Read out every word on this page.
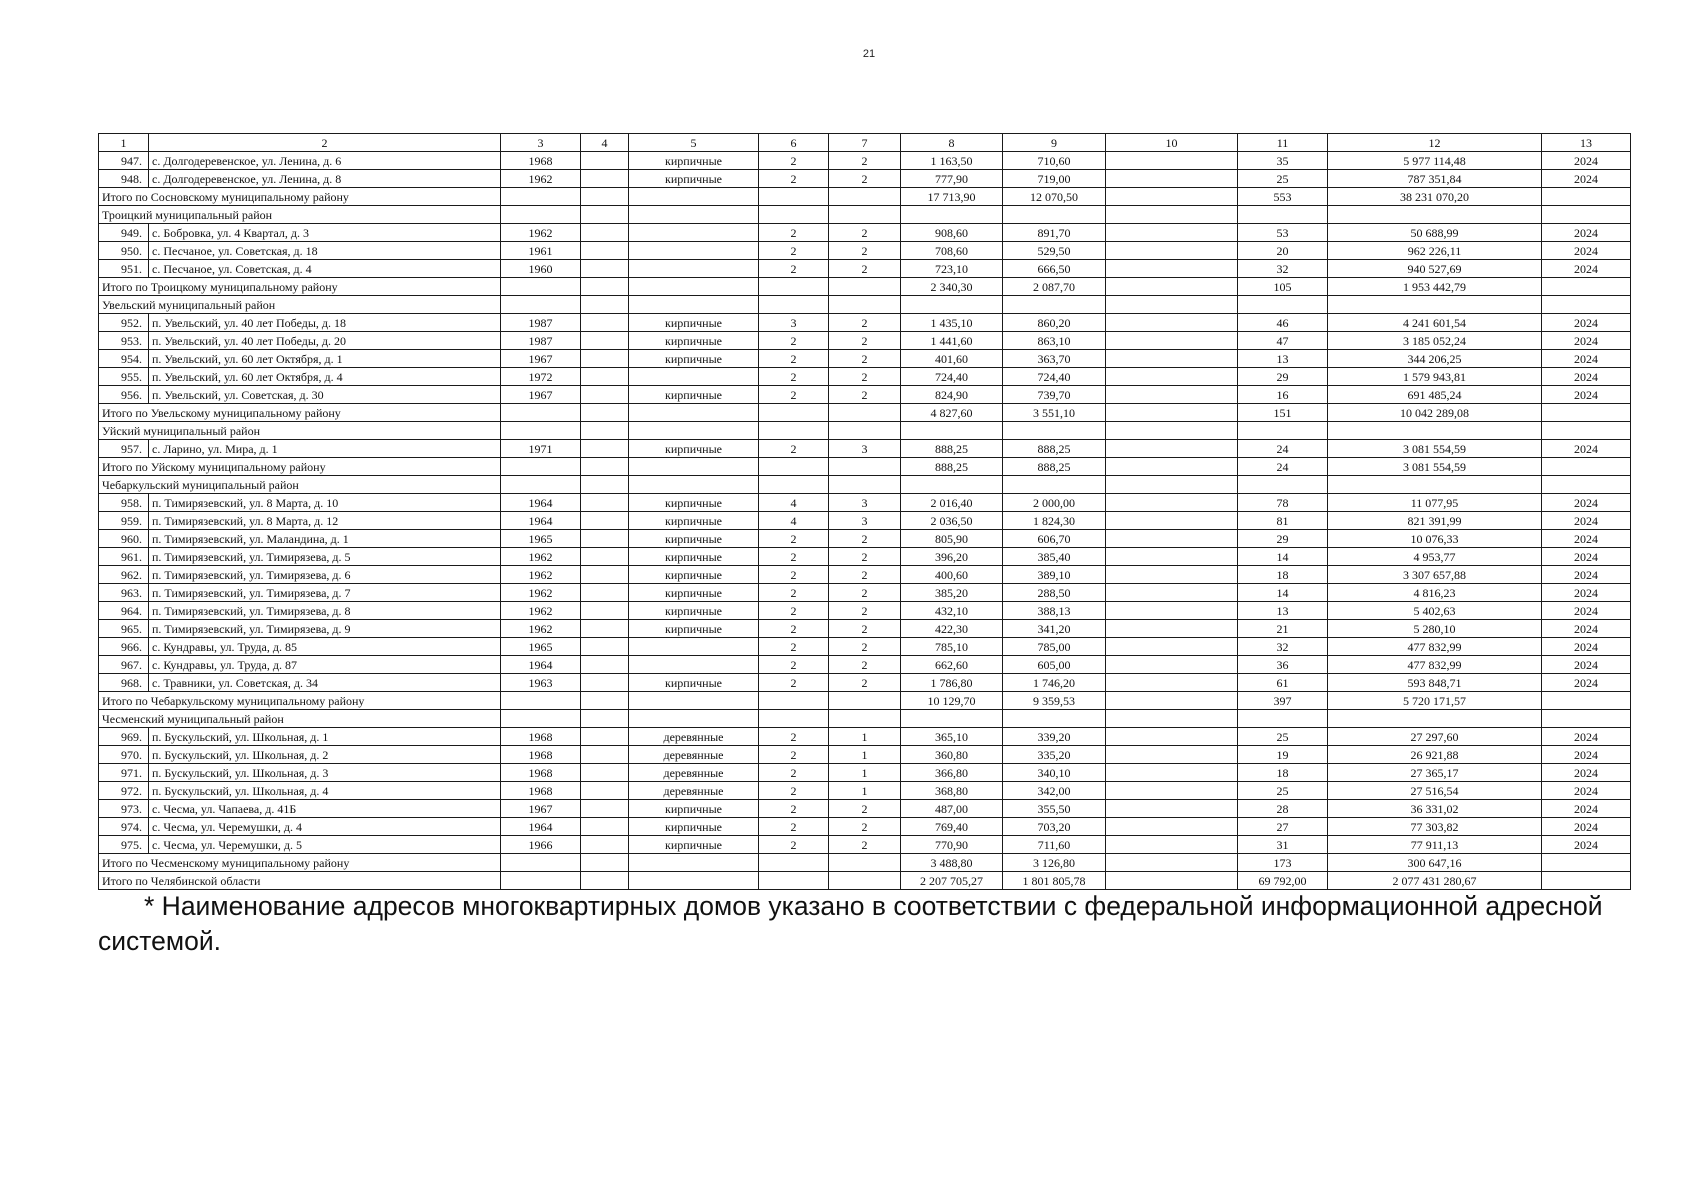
21
1	2	3	4	5	6	7	8	9	10	11	12	13
947.	с. Долгодеревенское, ул. Ленина, д. 6	1968		кирпичные	2	2	1 163,50	710,60		35	5 977 114,48	2024
948.	с. Долгодеревенское, ул. Ленина, д. 8	1962		кирпичные	2	2	777,90	719,00		25	787 351,84	2024
Итого по Сосновскому муниципальному району							17 713,90	12 070,50		553	38 231 070,20	
Троицкий муниципальный район												
949.	с. Бобровка, ул. 4 Квартал, д. 3	1962			2	2	908,60	891,70		53	50 688,99	2024
950.	с. Песчаное, ул. Советская, д. 18	1961			2	2	708,60	529,50		20	962 226,11	2024
951.	с. Песчаное, ул. Советская, д. 4	1960			2	2	723,10	666,50		32	940 527,69	2024
Итого по Троицкому муниципальному району							2 340,30	2 087,70		105	1 953 442,79	
Увельский муниципальный район												
952.	п. Увельский, ул. 40 лет Победы, д. 18	1987		кирпичные	3	2	1 435,10	860,20		46	4 241 601,54	2024
953.	п. Увельский, ул. 40 лет Победы, д. 20	1987		кирпичные	2	2	1 441,60	863,10		47	3 185 052,24	2024
954.	п. Увельский, ул. 60 лет Октября, д. 1	1967		кирпичные	2	2	401,60	363,70		13	344 206,25	2024
955.	п. Увельский, ул. 60 лет Октября, д. 4	1972			2	2	724,40	724,40		29	1 579 943,81	2024
956.	п. Увельский, ул. Советская, д. 30	1967		кирпичные	2	2	824,90	739,70		16	691 485,24	2024
Итого по Увельскому муниципальному району							4 827,60	3 551,10		151	10 042 289,08	
Уйский муниципальный район												
957.	с. Ларино, ул. Мира, д. 1	1971		кирпичные	2	3	888,25	888,25		24	3 081 554,59	2024
Итого по Уйскому муниципальному району							888,25	888,25		24	3 081 554,59	
Чебаркульский муниципальный район												
958.	п. Тимирязевский, ул. 8 Марта, д. 10	1964		кирпичные	4	3	2 016,40	2 000,00		78	11 077,95	2024
959.	п. Тимирязевский, ул. 8 Марта, д. 12	1964		кирпичные	4	3	2 036,50	1 824,30		81	821 391,99	2024
960.	п. Тимирязевский, ул. Маландина, д. 1	1965		кирпичные	2	2	805,90	606,70		29	10 076,33	2024
961.	п. Тимирязевский, ул. Тимирязева, д. 5	1962		кирпичные	2	2	396,20	385,40		14	4 953,77	2024
962.	п. Тимирязевский, ул. Тимирязева, д. 6	1962		кирпичные	2	2	400,60	389,10		18	3 307 657,88	2024
963.	п. Тимирязевский, ул. Тимирязева, д. 7	1962		кирпичные	2	2	385,20	288,50		14	4 816,23	2024
964.	п. Тимирязевский, ул. Тимирязева, д. 8	1962		кирпичные	2	2	432,10	388,13		13	5 402,63	2024
965.	п. Тимирязевский, ул. Тимирязева, д. 9	1962		кирпичные	2	2	422,30	341,20		21	5 280,10	2024
966.	с. Кундравы, ул. Труда, д. 85	1965			2	2	785,10	785,00		32	477 832,99	2024
967.	с. Кундравы, ул. Труда, д. 87	1964			2	2	662,60	605,00		36	477 832,99	2024
968.	с. Травники, ул. Советская, д. 34	1963		кирпичные	2	2	1 786,80	1 746,20		61	593 848,71	2024
Итого по Чебаркульскому муниципальному району							10 129,70	9 359,53		397	5 720 171,57	
Чесменский муниципальный район												
969.	п. Бускульский, ул. Школьная, д. 1	1968		деревянные	2	1	365,10	339,20		25	27 297,60	2024
970.	п. Бускульский, ул. Школьная, д. 2	1968		деревянные	2	1	360,80	335,20		19	26 921,88	2024
971.	п. Бускульский, ул. Школьная, д. 3	1968		деревянные	2	1	366,80	340,10		18	27 365,17	2024
972.	п. Бускульский, ул. Школьная, д. 4	1968		деревянные	2	1	368,80	342,00		25	27 516,54	2024
973.	с. Чесма, ул. Чапаева, д. 41Б	1967		кирпичные	2	2	487,00	355,50		28	36 331,02	2024
974.	с. Чесма, ул. Черемушки, д. 4	1964		кирпичные	2	2	769,40	703,20		27	77 303,82	2024
975.	с. Чесма, ул. Черемушки, д. 5	1966		кирпичные	2	2	770,90	711,60		31	77 911,13	2024
Итого по Чесменскому муниципальному району							3 488,80	3 126,80		173	300 647,16	
Итого по Челябинской области							2 207 705,27	1 801 805,78		69 792,00	2 077 431 280,67	
* Наименование адресов многоквартирных домов указано в соответствии с федеральной информационной адресной системой.
